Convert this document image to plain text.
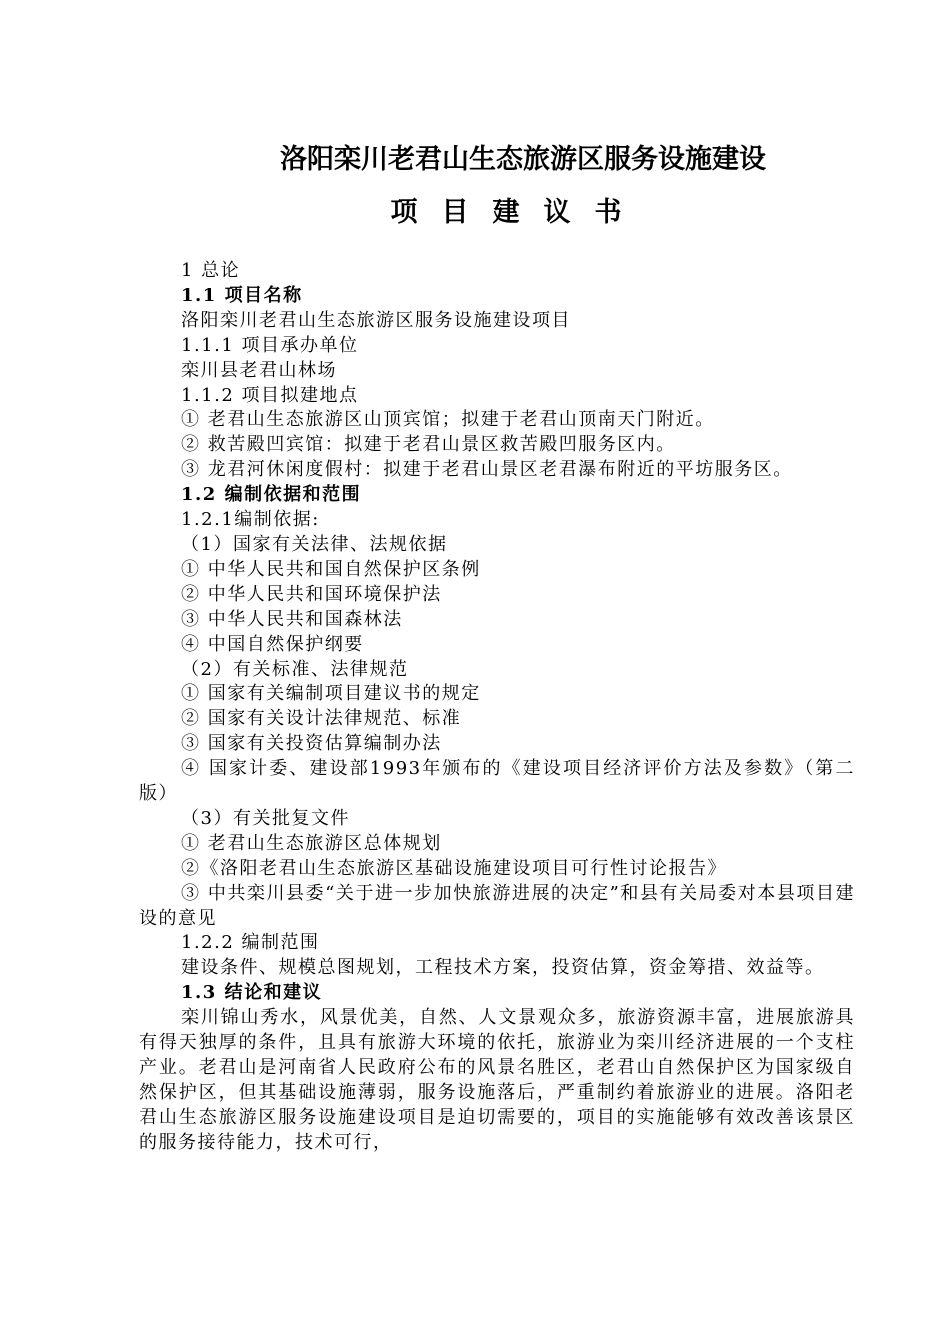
洛阳栾川老君山生态旅游区服务设施建设
项目建议书

1 总论

1.1 项目名称

洛阳栾川老君山生态旅游区服务设施建设项目

1.1.1 项目承办单位

栾川县老君山林场

1.1.2 项目拟建地点

① 老君山生态旅游区山顶宾馆；拟建于老君山顶南天门附近。

② 救苦殿凹宾馆：拟建于老君山景区救苦殿凹服务区内。

③ 龙君河休闲度假村：拟建于老君山景区老君瀑布附近的平坊服务区。

1.2 编制依据和范围

1.2.1编制依据:

（1）国家有关法律、法规依据

① 中华人民共和国自然保护区条例

② 中华人民共和国环境保护法

③ 中华人民共和国森林法

④ 中国自然保护纲要

（2）有关标准、法律规范

① 国家有关编制项目建议书的规定

② 国家有关设计法律规范、标准

③ 国家有关投资估算编制办法

④ 国家计委、建设部1993年颁布的《建设项目经济评价方法及参数》（第二版）

（3）有关批复文件

① 老君山生态旅游区总体规划

②《洛阳老君山生态旅游区基础设施建设项目可行性讨论报告》

③ 中共栾川县委“关于进一步加快旅游进展的决定”和县有关局委对本县项目建设的意见

1.2.2 编制范围

建设条件、规模总图规划，工程技术方案，投资估算，资金筹措、效益等。

1.3 结论和建议

栾川锦山秀水，风景优美，自然、人文景观众多，旅游资源丰富，进展旅游具有得天独厚的条件，且具有旅游大环境的依托，旅游业为栾川经济进展的一个支柱产业。老君山是河南省人民政府公布的风景名胜区，老君山自然保护区为国家级自然保护区，但其基础设施薄弱，服务设施落后，严重制约着旅游业的进展。洛阳老君山生态旅游区服务设施建设项目是迫切需要的，项目的实施能够有效改善该景区的服务接待能力，技术可行，
